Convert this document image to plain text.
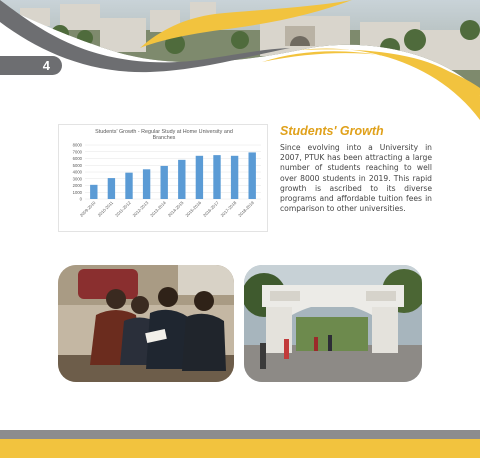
4
Students' Growth - Regular Study at Home University and
Branches
0
1000
2000
3000
4000
5000
6000
7000
8000
2009-2010 2010-2011 2011-2012 2012-2013 2013-2014 2014-2015 2015-2016 2016-2017 2017-2018 2018-2019
Students' Growth

Since evolving into a University in 2007, PTUK has been attracting a large number of students reaching to well over 8000 students in 2019. This rapid growth is ascribed to its diverse programs and affordable tuition fees in comparison to other universities.
